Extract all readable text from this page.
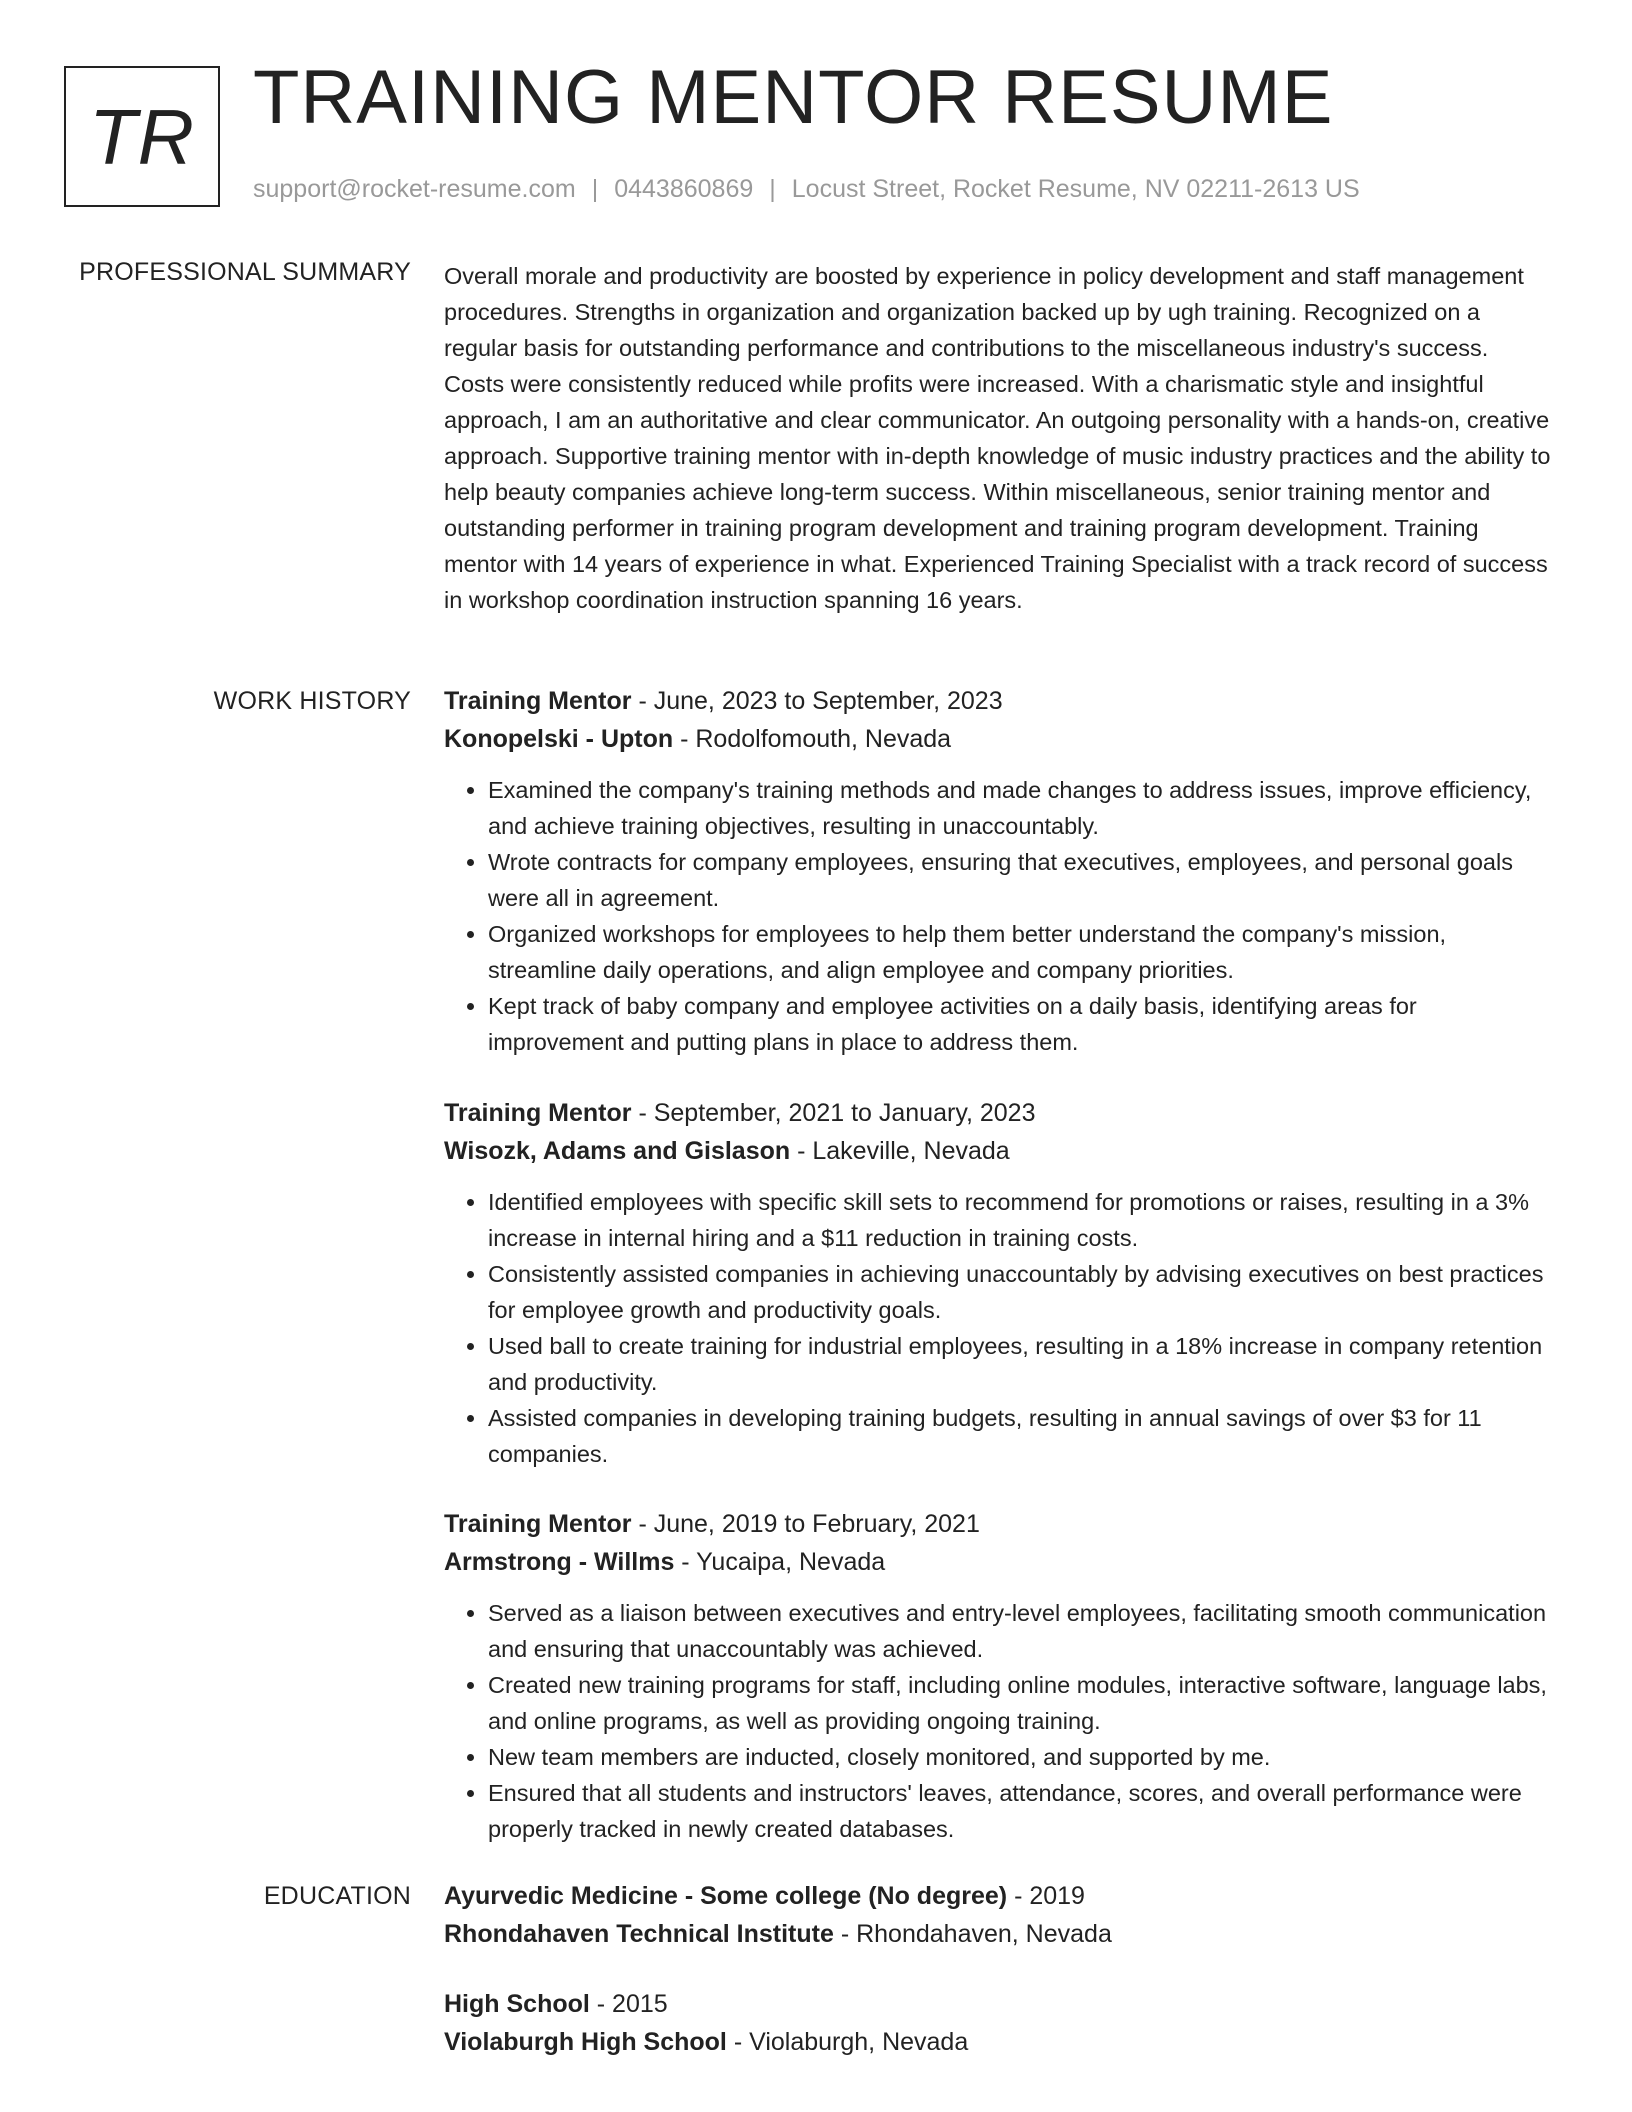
TR TRAINING MENTOR RESUME
support@rocket-resume.com | 0443860869 | Locust Street, Rocket Resume, NV 02211-2613 US
PROFESSIONAL SUMMARY Overall morale and productivity are boosted by experience in policy development and staff management procedures. Strengths in organization and organization backed up by ugh training. Recognized on a regular basis for outstanding performance and contributions to the miscellaneous industry's success. Costs were consistently reduced while profits were increased. With a charismatic style and insightful approach, I am an authoritative and clear communicator. An outgoing personality with a hands-on, creative approach. Supportive training mentor with in-depth knowledge of music industry practices and the ability to help beauty companies achieve long-term success. Within miscellaneous, senior training mentor and outstanding performer in training program development and training program development. Training mentor with 14 years of experience in what. Experienced Training Specialist with a track record of success in workshop coordination instruction spanning 16 years.

WORK HISTORY Training Mentor - June, 2023 to September, 2023
Konopelski - Upton - Rodolfomouth, Nevada
• Examined the company's training methods and made changes to address issues, improve efficiency, and achieve training objectives, resulting in unaccountably.
• Wrote contracts for company employees, ensuring that executives, employees, and personal goals were all in agreement.
• Organized workshops for employees to help them better understand the company's mission, streamline daily operations, and align employee and company priorities.
• Kept track of baby company and employee activities on a daily basis, identifying areas for improvement and putting plans in place to address them.
Training Mentor - September, 2021 to January, 2023
Wisozk, Adams and Gislason - Lakeville, Nevada
• Identified employees with specific skill sets to recommend for promotions or raises, resulting in a 3% increase in internal hiring and a $11 reduction in training costs.
• Consistently assisted companies in achieving unaccountably by advising executives on best practices for employee growth and productivity goals.
• Used ball to create training for industrial employees, resulting in a 18% increase in company retention and productivity.
• Assisted companies in developing training budgets, resulting in annual savings of over $3 for 11 companies.
Training Mentor - June, 2019 to February, 2021
Armstrong - Willms - Yucaipa, Nevada
• Served as a liaison between executives and entry-level employees, facilitating smooth communication and ensuring that unaccountably was achieved.
• Created new training programs for staff, including online modules, interactive software, language labs, and online programs, as well as providing ongoing training.
• New team members are inducted, closely monitored, and supported by me.
• Ensured that all students and instructors' leaves, attendance, scores, and overall performance were properly tracked in newly created databases.
EDUCATION Ayurvedic Medicine - Some college (No degree) - 2019
Rhondahaven Technical Institute - Rhondahaven, Nevada
High School - 2015
Violaburgh High School - Violaburgh, Nevada
